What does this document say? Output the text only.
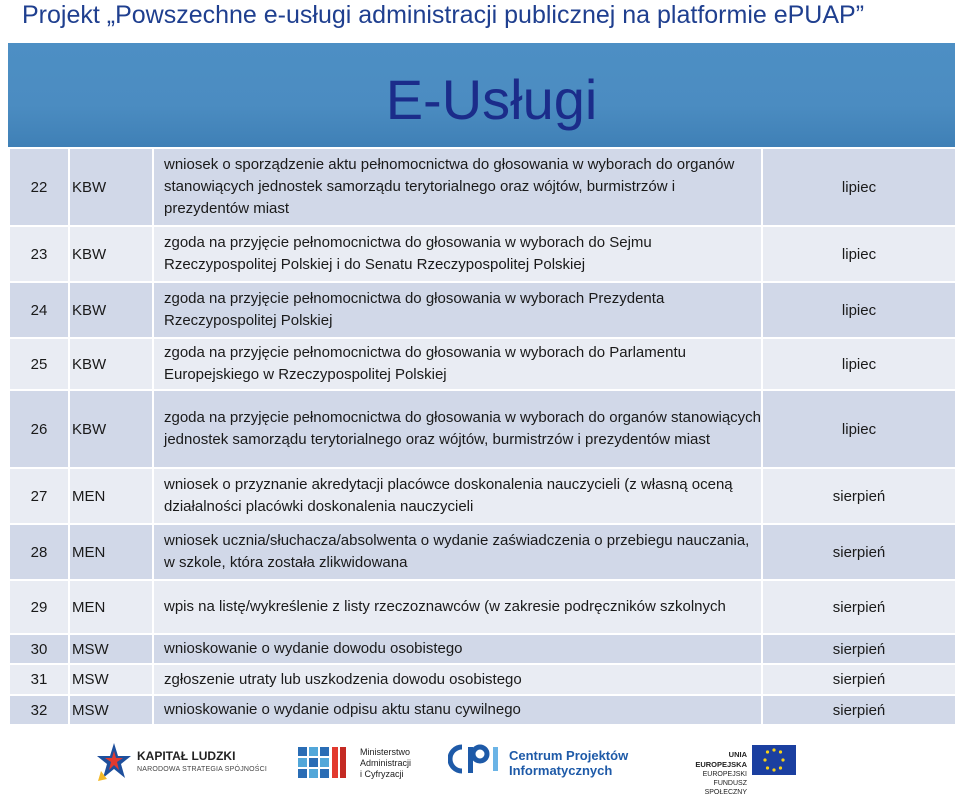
Projekt „Powszechne e-usługi administracji publicznej na platformie ePUAP”
E-Usługi
22	KBW	wniosek o sporządzenie aktu pełnomocnictwa do głosowania w wyborach do organów stanowiących jednostek samorządu terytorialnego oraz wójtów, burmistrzów i prezydentów miast	lipiec
23	KBW	zgoda na przyjęcie pełnomocnictwa do głosowania w wyborach do Sejmu Rzeczypospolitej Polskiej i do Senatu Rzeczypospolitej Polskiej	lipiec
24	KBW	zgoda na przyjęcie pełnomocnictwa do głosowania w wyborach Prezydenta Rzeczypospolitej Polskiej	lipiec
25	KBW	zgoda na przyjęcie pełnomocnictwa do głosowania w wyborach do Parlamentu Europejskiego w Rzeczypospolitej Polskiej	lipiec
26	KBW	zgoda na przyjęcie pełnomocnictwa do głosowania w wyborach do organów stanowiących jednostek samorządu terytorialnego oraz wójtów, burmistrzów i prezydentów miast	lipiec
27	MEN	wniosek o przyznanie akredytacji placówce doskonalenia nauczycieli (z własną oceną działalności placówki doskonalenia nauczycieli	sierpień
28	MEN	wniosek ucznia/słuchacza/absolwenta o wydanie zaświadczenia o przebiegu nauczania, w szkole, która została zlikwidowana	sierpień
29	MEN	wpis na listę/wykreślenie z listy rzeczoznawców (w zakresie podręczników szkolnych	sierpień
30	MSW	wnioskowanie o wydanie dowodu osobistego	sierpień
31	MSW	zgłoszenie utraty lub uszkodzenia dowodu osobistego	sierpień
32	MSW	wnioskowanie o wydanie odpisu aktu stanu cywilnego	sierpień
KAPITAŁ LUDZKI
NARODOWA STRATEGIA SPÓJNOŚCI
Ministerstwo
Administracji
i Cyfryzacji
Centrum Projektów
Informatycznych
UNIA EUROPEJSKA
EUROPEJSKI
FUNDUSZ SPOŁECZNY
